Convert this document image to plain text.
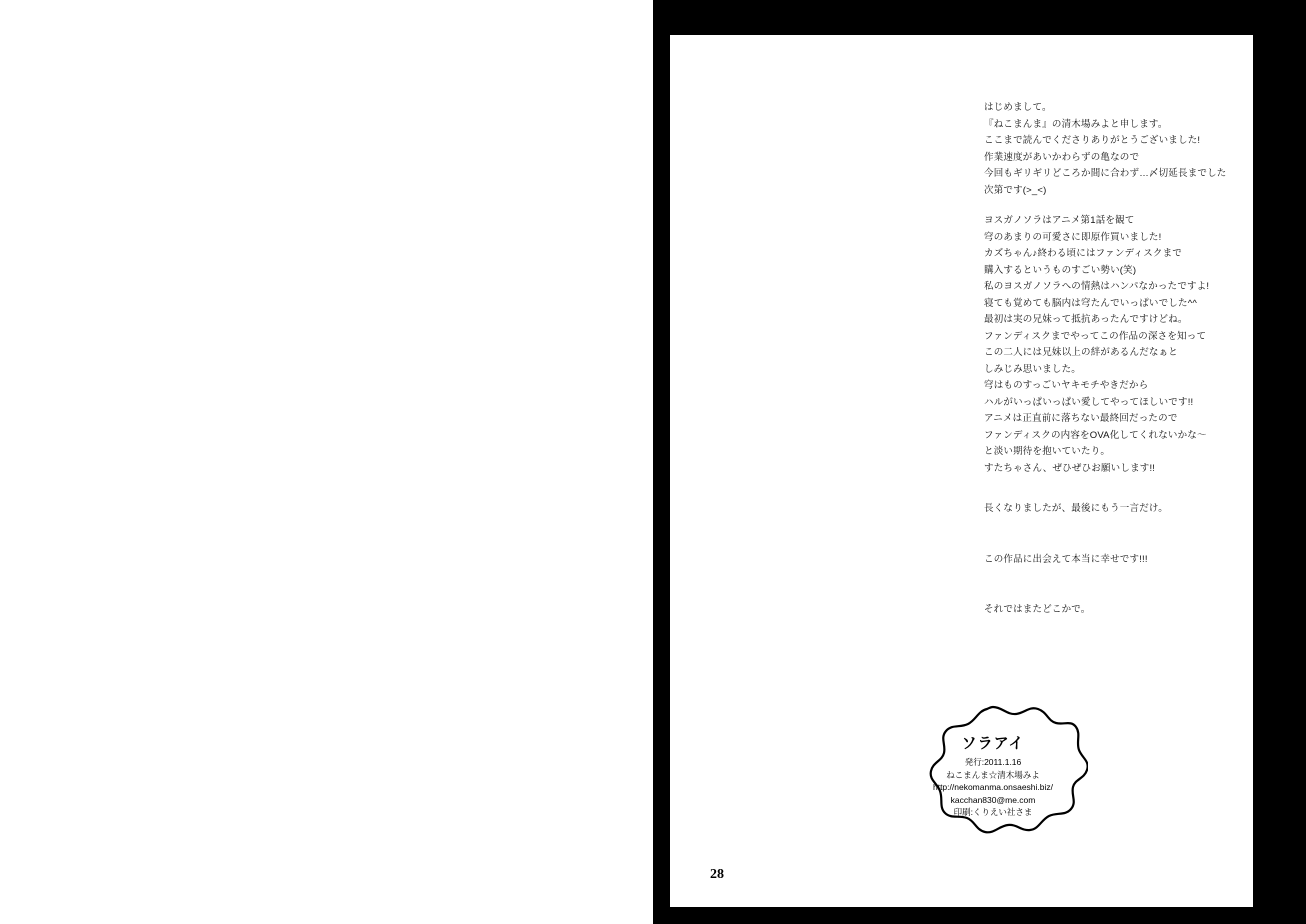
はじめまして。
『ねこまんま』の清木場みよと申します。
ここまで読んでくださりありがとうございました!
作業速度があいかわらずの亀なので
今回もギリギリどころか間に合わず…〆切延長までした
次第です(>_<)
ヨスガノソラはアニメ第1話を観て
穹のあまりの可愛さに即原作買いました!
カズちゃん♪終わる頃にはファンディスクまで
購入するというものすごい勢い(笑)
私のヨスガノソラへの情熱はハンパなかったですよ!
寝ても覚めても脳内は穹たんでいっぱいでした^^
最初は実の兄妹って抵抗あったんですけどね。
ファンディスクまでやってこの作品の深さを知って
この二人には兄妹以上の絆があるんだなぁと
しみじみ思いました。
穹はものすっごいヤキモチやきだから
ハルがいっぱいっぱい愛してやってほしいです!!
アニメは正直前に落ちない最終回だったので
ファンディスクの内容をOVA化してくれないかな〜
と淡い期待を抱いていたり。
すたちゃさん、ぜひぜひお願いします!!
長くなりましたが、最後にもう一言だけ。
この作品に出会えて本当に幸せです!!!
それではまたどこかで。
ソラアイ
発行:2011.1.16
ねこまんま☆清木場みよ
http://nekomanma.onsaeshi.biz/
kacchan830@me.com
印刷:くりえい社さま
28
